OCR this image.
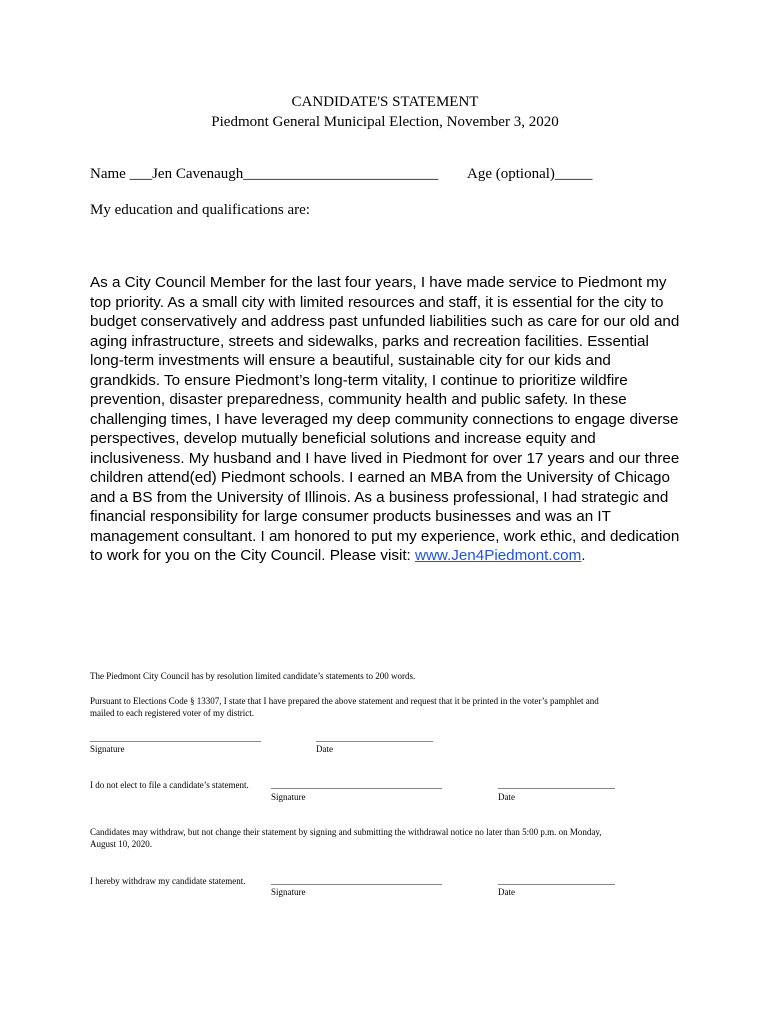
CANDIDATE'S STATEMENT
Piedmont General Municipal Election, November 3, 2020
Name ___Jen Cavenaugh__________________________ Age (optional)_____
My education and qualifications are:
As a City Council Member for the last four years, I have made service to Piedmont my
top priority. As a small city with limited resources and staff, it is essential for the city to
budget conservatively and address past unfunded liabilities such as care for our old and
aging infrastructure, streets and sidewalks, parks and recreation facilities. Essential
long-term investments will ensure a beautiful, sustainable city for our kids and
grandkids. To ensure Piedmont’s long-term vitality, I continue to prioritize wildfire
prevention, disaster preparedness, community health and public safety. In these
challenging times, I have leveraged my deep community connections to engage diverse
perspectives, develop mutually beneficial solutions and increase equity and
inclusiveness. My husband and I have lived in Piedmont for over 17 years and our three
children attend(ed) Piedmont schools. I earned an MBA from the University of Chicago
and a BS from the University of Illinois. As a business professional, I had strategic and
financial responsibility for large consumer products businesses and was an IT
management consultant. I am honored to put my experience, work ethic, and dedication
to work for you on the City Council. Please visit: www.Jen4Piedmont.com.
The Piedmont City Council has by resolution limited candidate’s statements to 200 words.
Pursuant to Elections Code § 13307, I state that I have prepared the above statement and request that it be printed in the voter’s pamphlet and
mailed to each registered voter of my district.
______________________________________
Signature
__________________________
Date
I do not elect to file a candidate’s statement. ______________________________________
Signature
__________________________
Date
Candidates may withdraw, but not change their statement by signing and submitting the withdrawal notice no later than 5:00 p.m. on Monday,
August 10, 2020.
I hereby withdraw my candidate statement.	______________________________________
Signature
__________________________
Date
